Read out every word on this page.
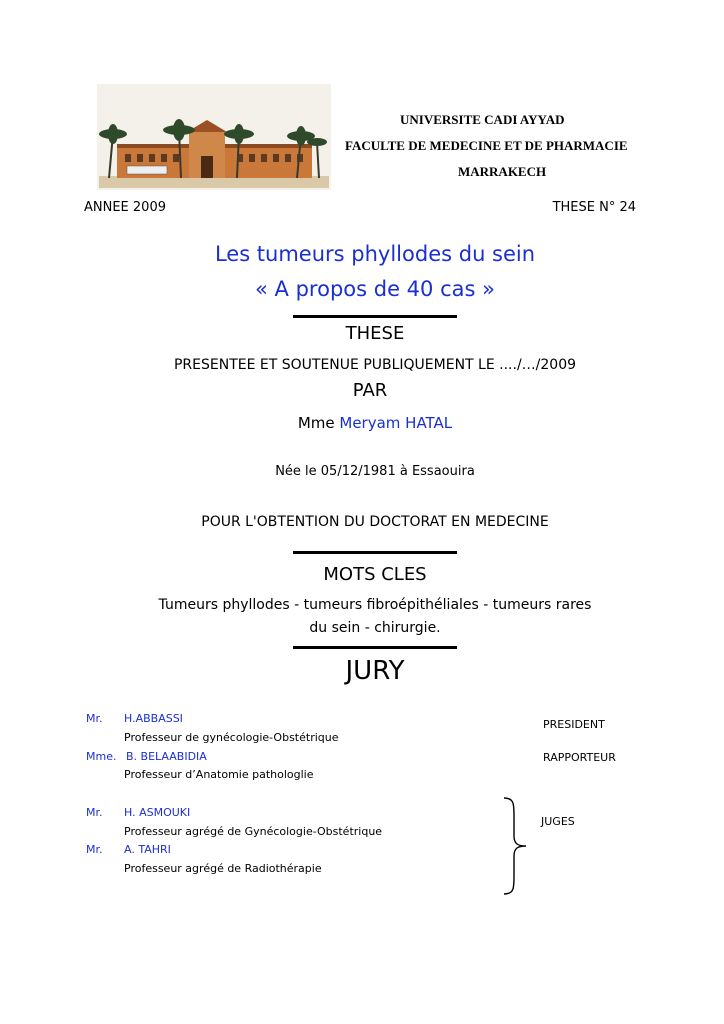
UNIVERSITE CADI AYYAD
FACULTE DE MEDECINE ET DE PHARMACIE
MARRAKECH
ANNEE 2009	THESE N° 24
Les tumeurs phyllodes du sein
« A propos de 40 cas »
THESE
PRESENTEE ET SOUTENUE PUBLIQUEMENT LE ..../…/2009
PAR
Mme Meryam HATAL
Née le 05/12/1981 à Essaouira
POUR L'OBTENTION DU DOCTORAT EN MEDECINE
MOTS CLES
Tumeurs phyllodes - tumeurs fibroépithéliales - tumeurs rares
du sein - chirurgie.
JURY
Mr. H.ABBASSI
Professeur de gynécologie-Obstétrique
PRESIDENT
Mme. B. BELAABIDIA
Professeur d’Anatomie pathologlie
RAPPORTEUR
Mr. H. ASMOUKI
Professeur agrégé de Gynécologie-Obstétrique
Mr. A. TAHRI
Professeur agrégé de Radiothérapie
JUGES
